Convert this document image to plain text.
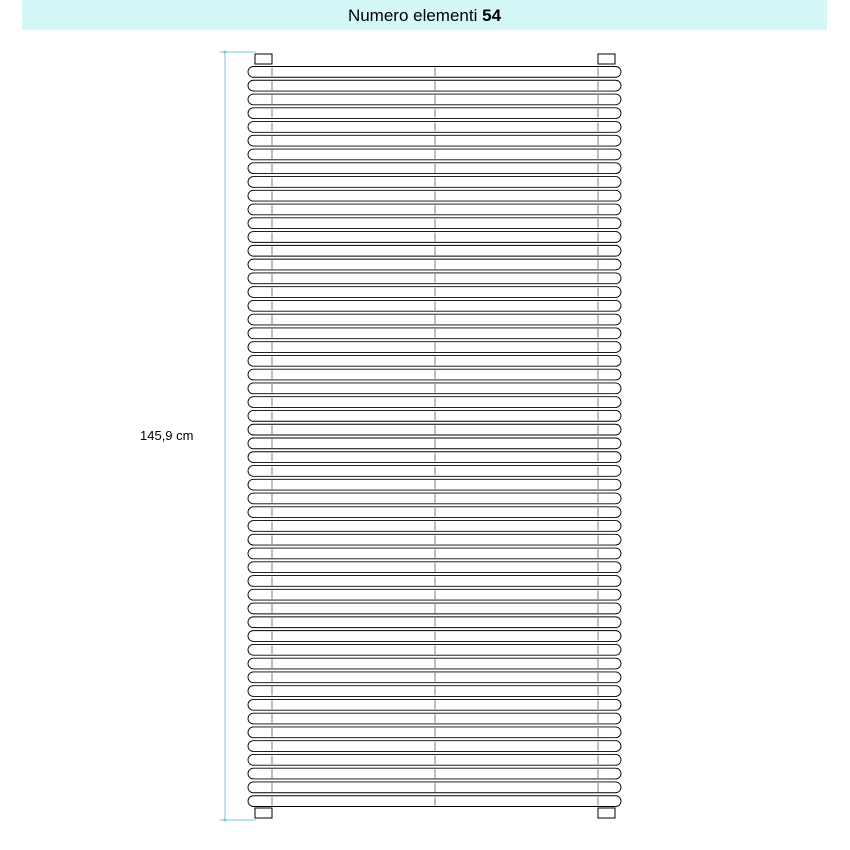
Numero elementi 54
145,9 cm
